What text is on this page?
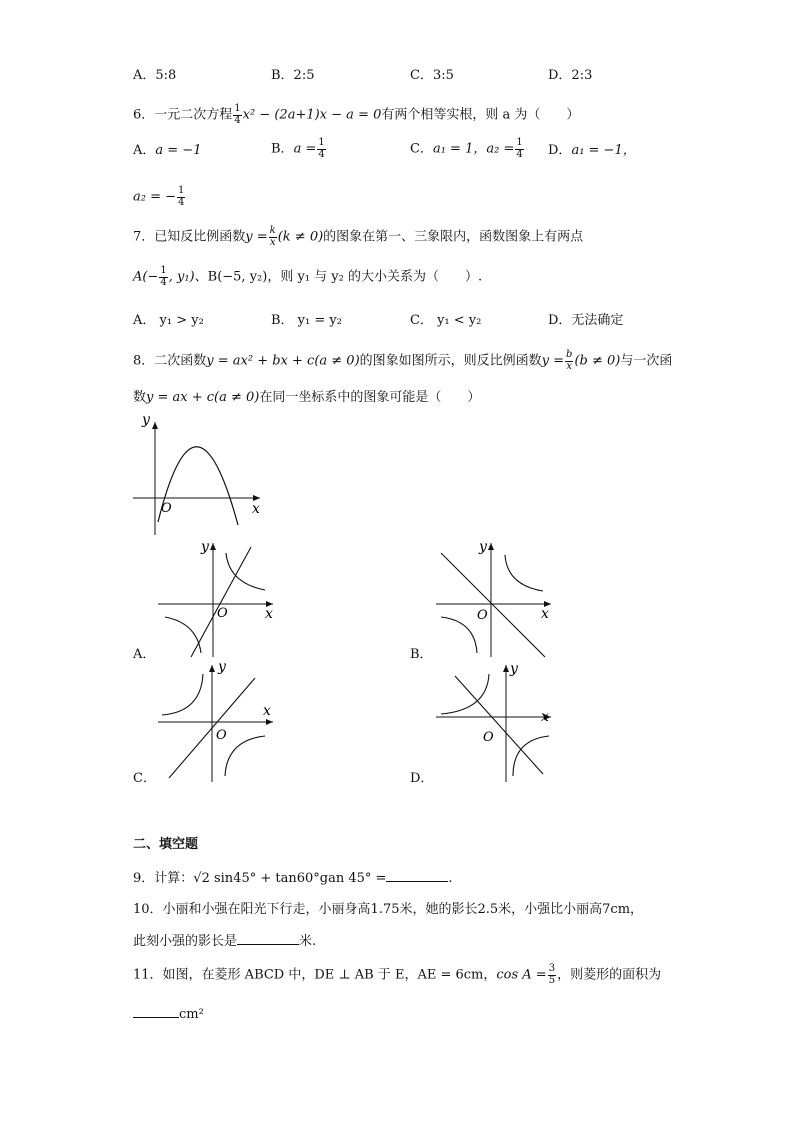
A．5:8	B．2:5	C．3:5	D．2:3
6．一元二次方程 $\frac{1}{4} x^2 - (2a+1)x - a = 0$有两个相等实根，则 a 为（　　）
A．a = −1	B．$a = \frac{1}{4}$	C．a₁ = 1，$a_2 = \frac{1}{4}$ D．a₁ = −1，
a₂ = − $\frac{1}{4}$
7．已知反比例函数$y = \frac{k}{x} (k \ne 0)$的图象在第一、三象限内，函数图象上有两点
$A(- \frac{1}{4}$ , y₁)、B(−5, y₂)，则 y₁ 与 y₂ 的大小关系为（　　）.
A． y₁ > y₂	B． y₁ = y₂	C． y₁ < y₂	D．无法确定
8．二次函数y = ax² + bx + c(a ≠ 0)的图象如图所示，则反比例函数$y = \frac{b}{x} (b \ne 0)$与一次函
数y = ax + c(a ≠ 0)在同一坐标系中的图象可能是（　　）
y
x
O
y
x
O
A．
y
x
O
B．
y
x
O
C．
y
x
O
D．
二、填空题
9．计算：√2 sin45° + tan60°gan 45° =	.
10．小丽和小强在阳光下行走，小丽身高1.75米，她的影长2.5米，小强比小丽高7cm，
此刻小强的影长是	米.
11．如图，在菱形 ABCD 中，DE ⊥ AB 于 E，AE = 6cm，$\cos A = \frac{3}{5}$ ，则菱形的面积为
cm²
